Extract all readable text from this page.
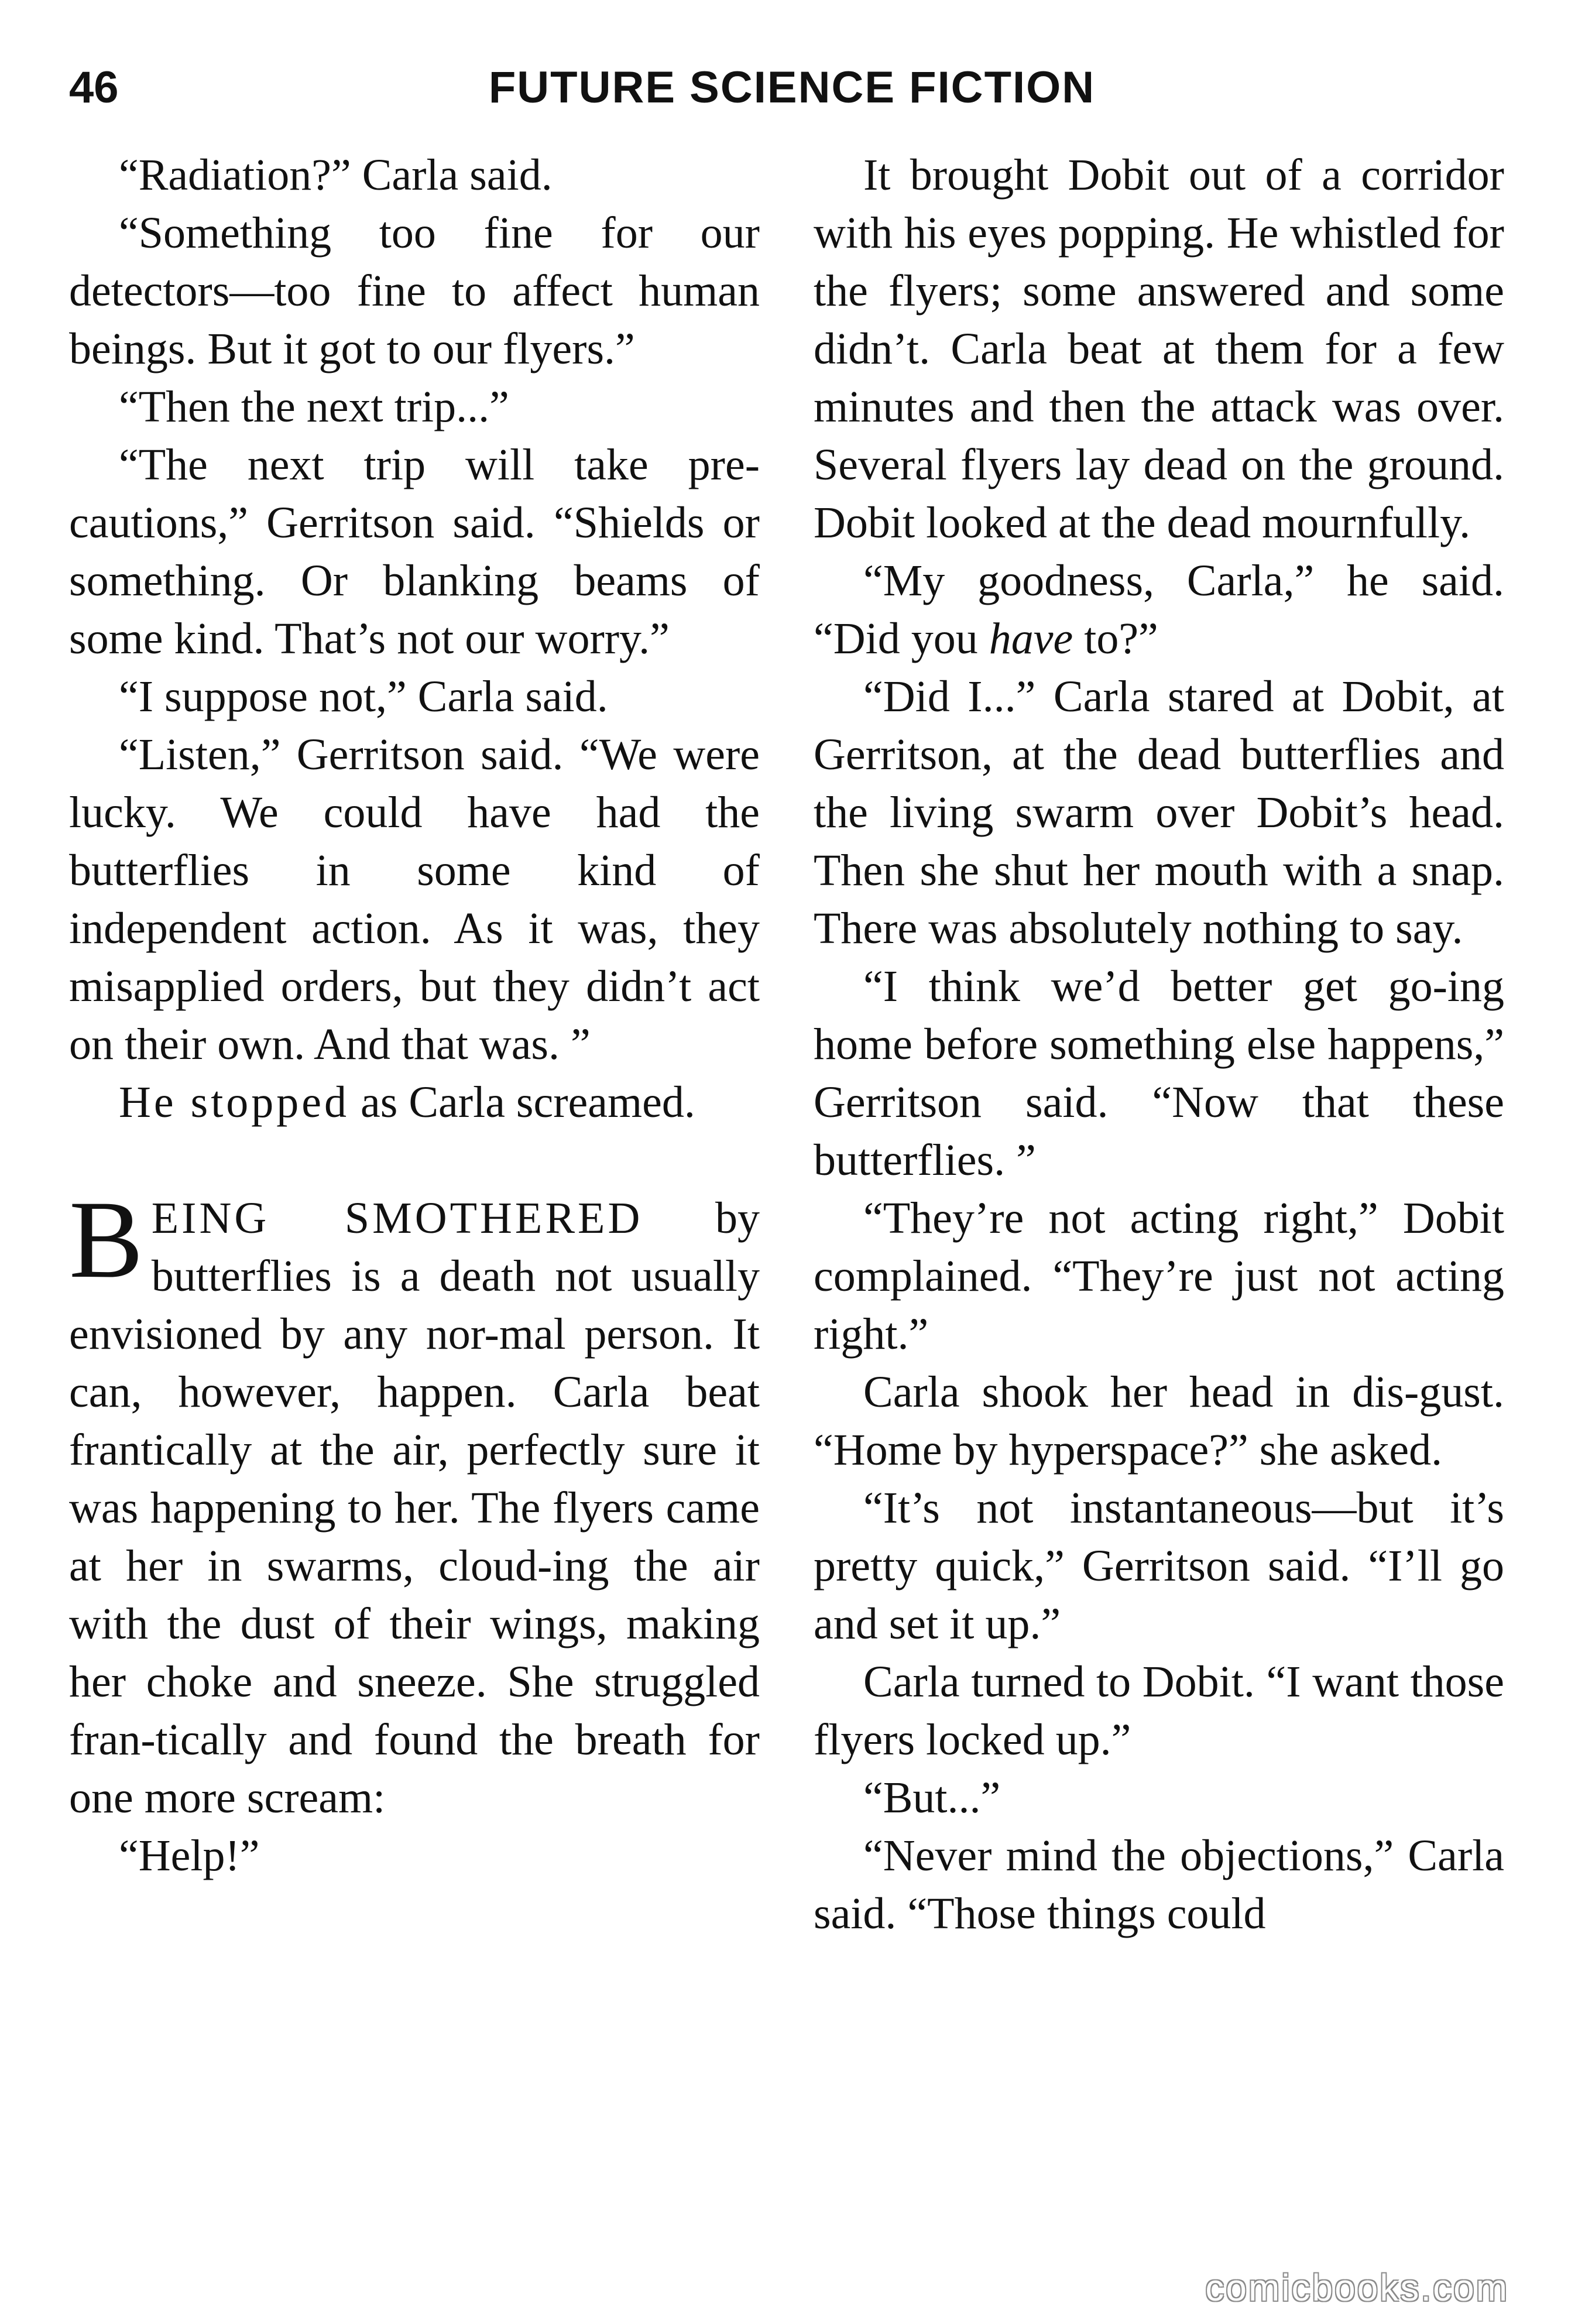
46	FUTURE SCIENCE FICTION

“Radiation?” Carla said.

“Something too fine for our detectors—too fine to affect human beings. But it got to our flyers.”

“Then the next trip...”

“The next trip will take pre-cautions,” Gerritson said. “Shields or something. Or blanking beams of some kind. That’s not our worry.”

“I suppose not,” Carla said.

“Listen,” Gerritson said. “We were lucky. We could have had the butterflies in some kind of independent action. As it was, they misapplied orders, but they didn’t act on their own. And that was. ”

He stopped as Carla screamed.

BEING SMOTHERED by butterflies is a death not usually envisioned by any nor-mal person. It can, however, happen. Carla beat frantically at the air, perfectly sure it was happening to her. The flyers came at her in swarms, cloud-ing the air with the dust of their wings, making her choke and sneeze. She struggled fran-tically and found the breath for one more scream:

“Help!”

It brought Dobit out of a corridor with his eyes popping. He whistled for the flyers; some answered and some didn’t. Carla beat at them for a few minutes and then the attack was over. Several flyers lay dead on the ground. Dobit looked at the dead mournfully.

“My goodness, Carla,” he said. “Did you have to?”

“Did I...” Carla stared at Dobit, at Gerritson, at the dead butterflies and the living swarm over Dobit’s head. Then she shut her mouth with a snap. There was absolutely nothing to say.

“I think we’d better get go-ing home before something else happens,” Gerritson said. “Now that these butterflies. ”

“They’re not acting right,” Dobit complained. “They’re just not acting right.”

Carla shook her head in dis-gust. “Home by hyperspace?” she asked.

“It’s not instantaneous—but it’s pretty quick,” Gerritson said. “I’ll go and set it up.”

Carla turned to Dobit. “I want those flyers locked up.”

“But...”

“Never mind the objections,” Carla said. “Those things could

comicbooks.com
